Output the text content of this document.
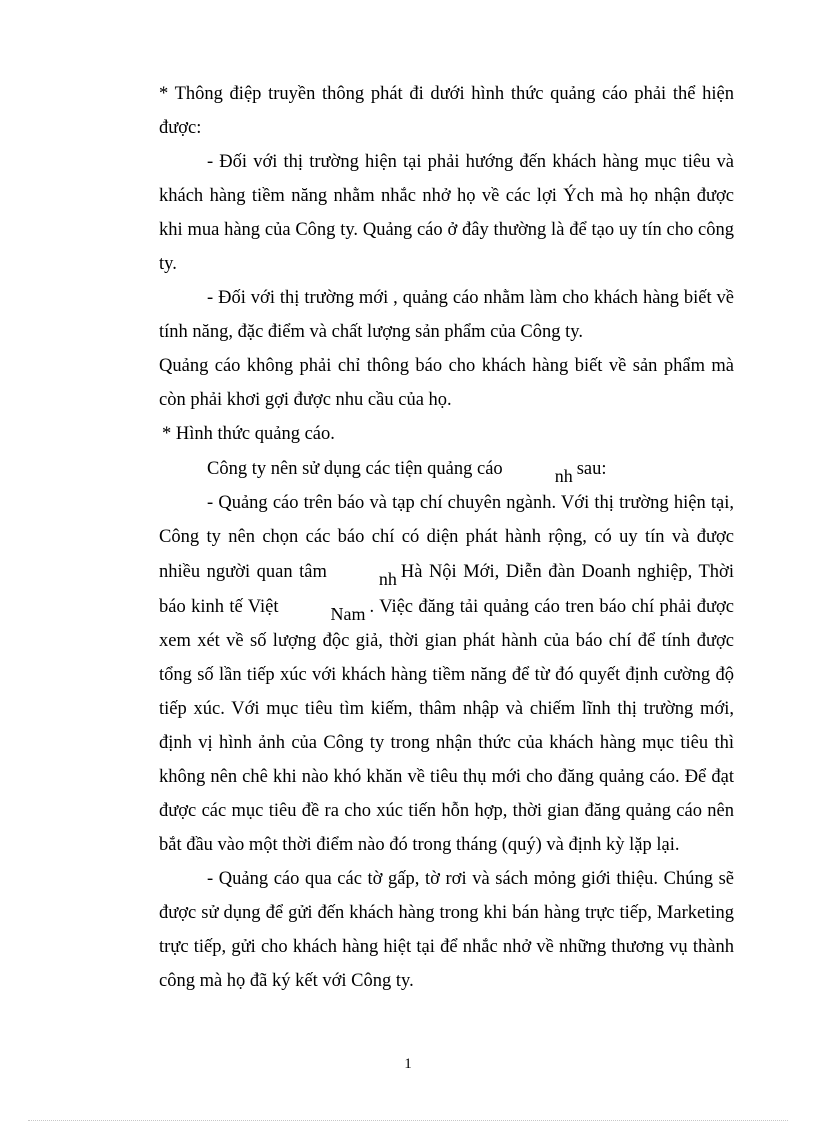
* Thông điệp truyền thông phát đi dưới hình thức quảng cáo phải thể hiện được:

- Đối với thị trường hiện tại phải hướng đến khách hàng mục tiêu và khách hàng tiềm năng nhằm nhắc nhở họ về các lợi Ých mà họ nhận được khi mua hàng của Công ty. Quảng cáo ở đây thường là để tạo uy tín cho công ty.

- Đối với thị trường mới , quảng cáo nhằm làm cho khách hàng biết về tính năng, đặc điểm và chất lượng sản phẩm của Công ty.

Quảng cáo không phải chỉ thông báo cho khách hàng biết về sản phẩm mà còn phải khơi gợi được nhu cầu của họ.

* Hình thức quảng cáo.

Công ty nên sử dụng các tiện quảng cáo	nh sau:

- Quảng cáo trên báo và tạp chí chuyên ngành. Với thị trường hiện tại, Công ty nên chọn các báo chí có diện phát hành rộng, có uy tín và được nhiều người quan tâm	nh Hà Nội Mới, Diễn đàn Doanh nghiệp, Thời báo kinh tế Việt	Nam . Việc đăng tải quảng cáo tren báo chí phải được xem xét về số lượng độc giả, thời gian phát hành của báo chí để tính được tổng số lần tiếp xúc với khách hàng tiềm năng để từ đó quyết định cường độ tiếp xúc. Với mục tiêu tìm kiếm, thâm nhập và chiếm lĩnh thị trường mới, định vị hình ảnh của Công ty trong nhận thức của khách hàng mục tiêu thì không nên chê khi nào khó khăn về tiêu thụ mới cho đăng quảng cáo. Để đạt được các mục tiêu đề ra cho xúc tiến hỗn hợp, thời gian đăng quảng cáo nên bắt đầu vào một thời điểm nào đó trong tháng (quý) và định kỳ lặp lại.

- Quảng cáo qua các tờ gấp, tờ rơi và sách mỏng giới thiệu. Chúng sẽ được sử dụng để gửi đến khách hàng trong khi bán hàng trực tiếp, Marketing trực tiếp, gửi cho khách hàng hiệt tại để nhắc nhở về những thương vụ thành công mà họ đã ký kết với Công ty.

1
